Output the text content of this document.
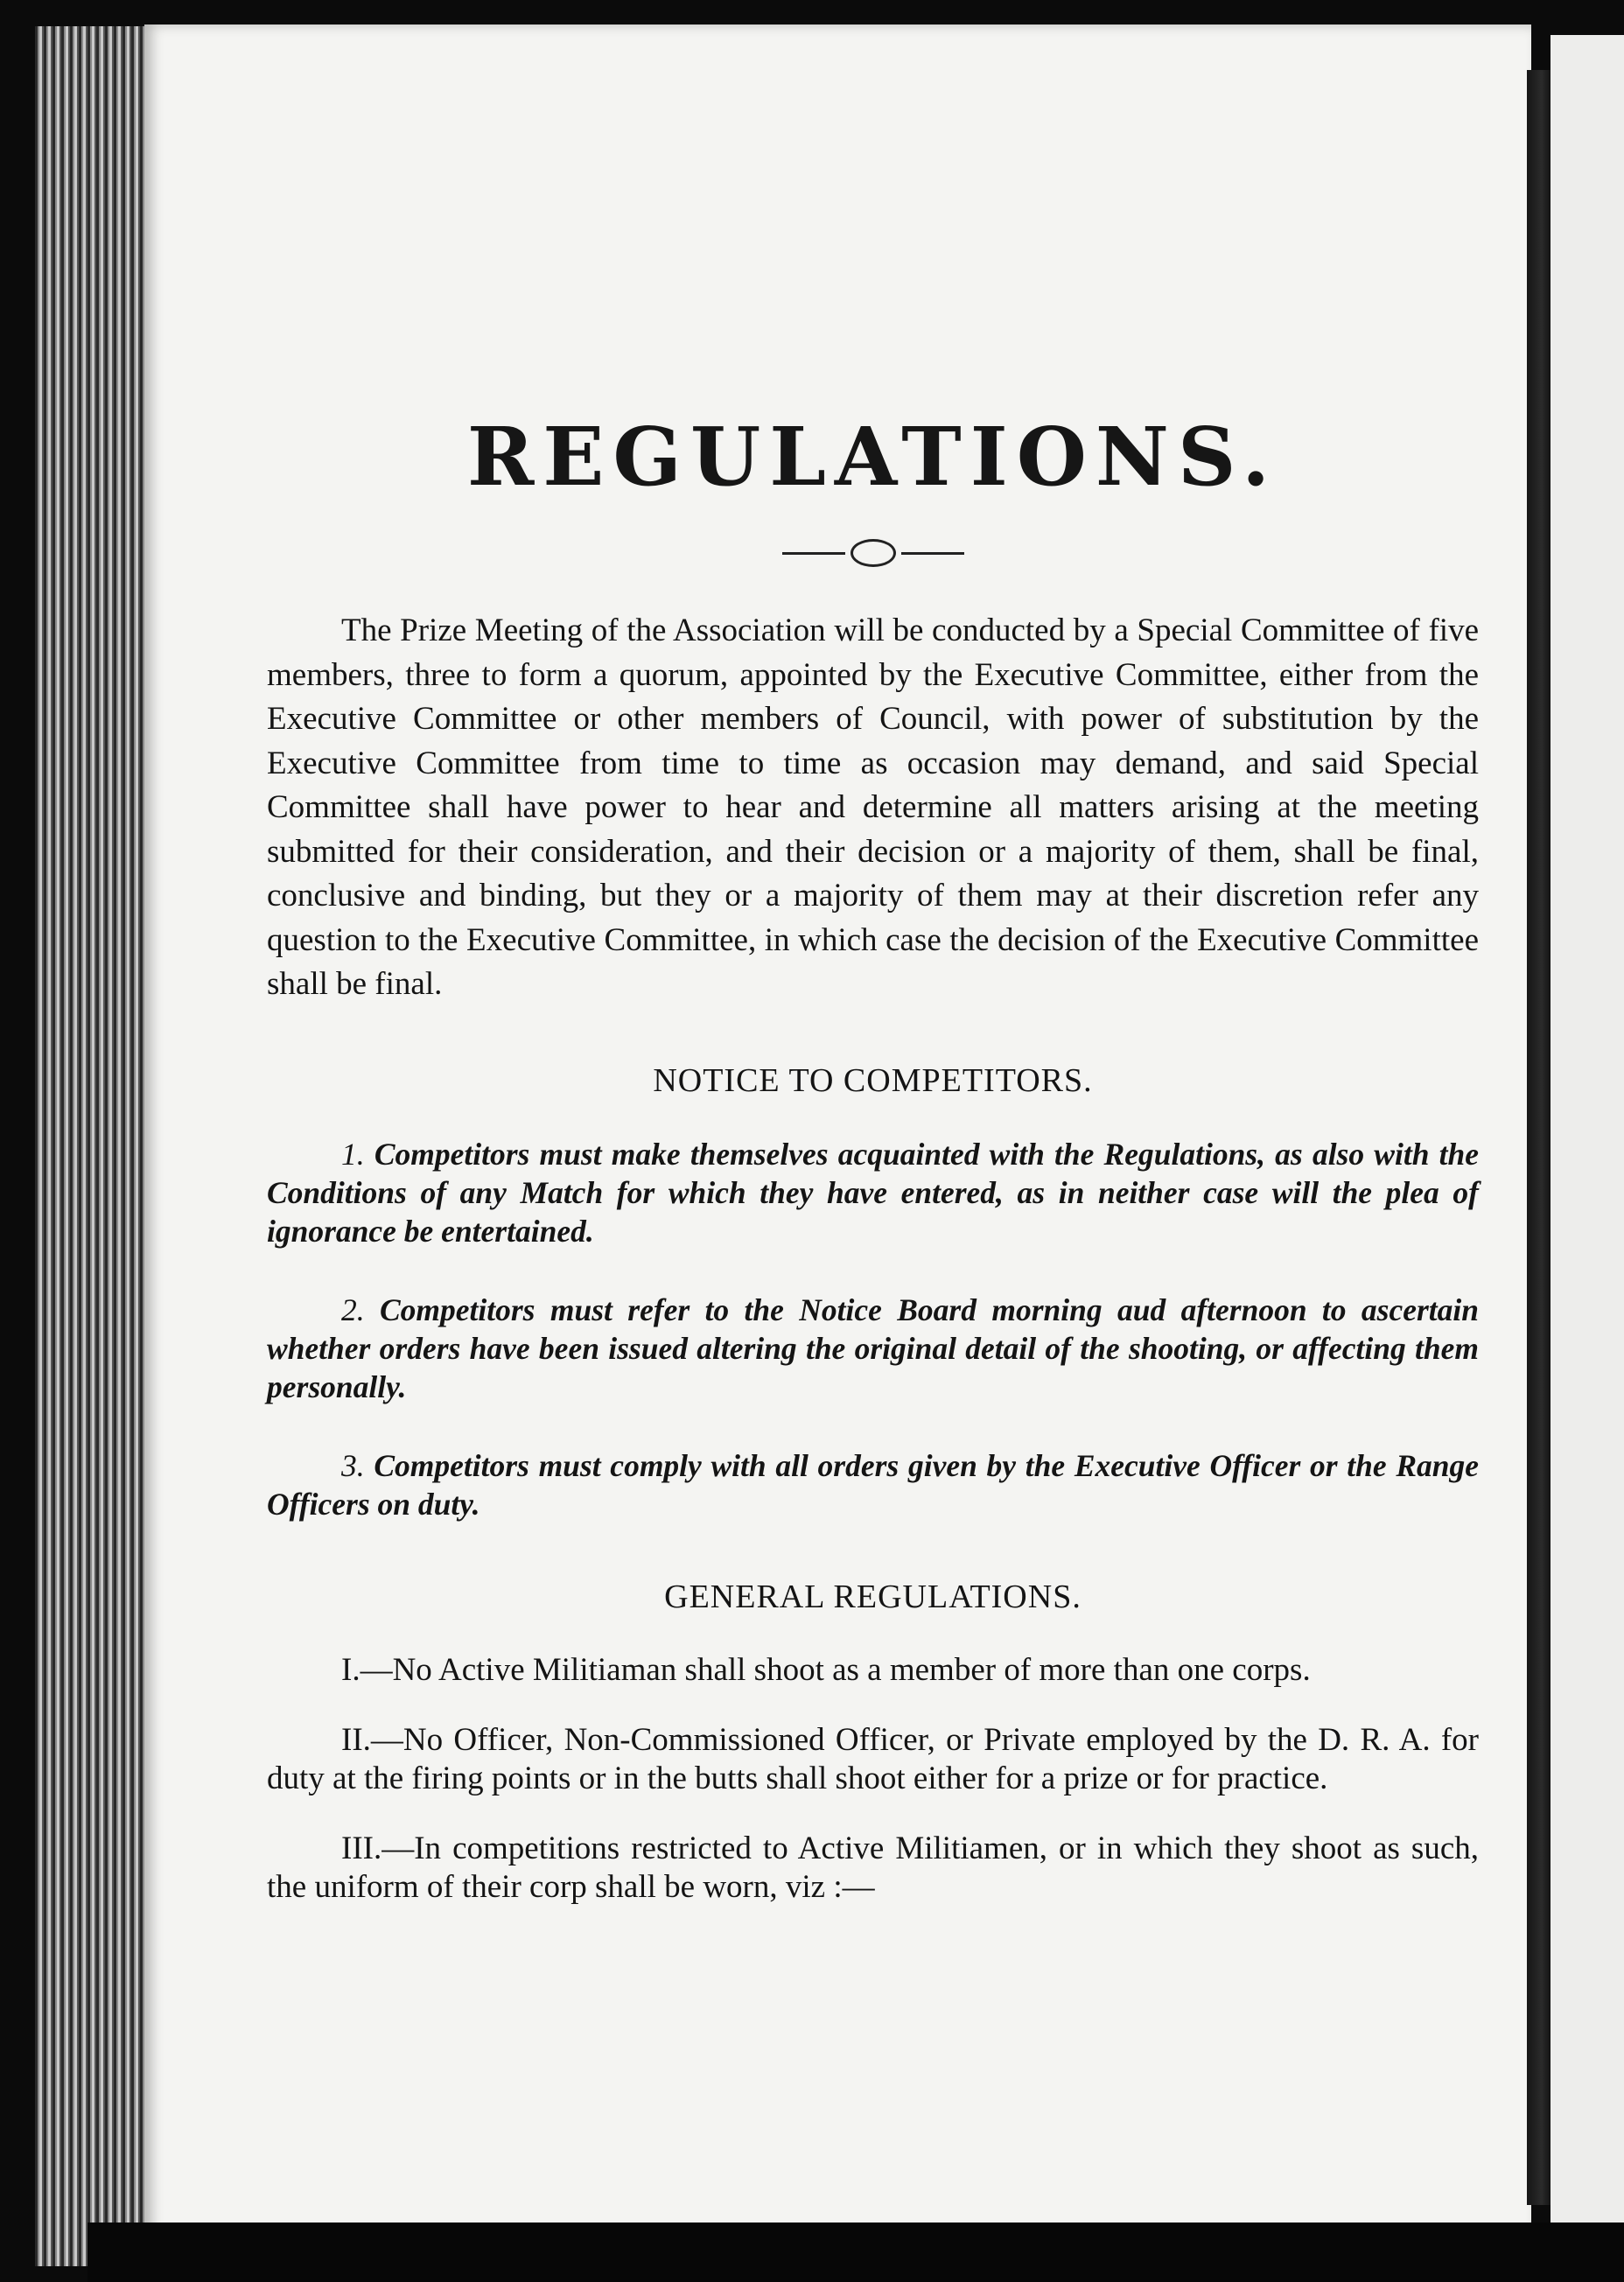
REGULATIONS.

The Prize Meeting of the Association will be conducted by a Special Committee of five members, three to form a quorum, appointed by the Executive Committee, either from the Executive Committee or other members of Council, with power of substitution by the Executive Committee from time to time as occasion may demand, and said Special Committee shall have power to hear and determine all matters arising at the meeting submitted for their consideration, and their decision or a majority of them, shall be final, conclusive and binding, but they or a majority of them may at their discretion refer any question to the Executive Committee, in which case the decision of the Executive Committee shall be final.

NOTICE TO COMPETITORS.

1. Competitors must make themselves acquainted with the Regulations, as also with the Conditions of any Match for which they have entered, as in neither case will the plea of ignorance be entertained.

2. Competitors must refer to the Notice Board morning aud afternoon to ascertain whether orders have been issued altering the original detail of the shooting, or affecting them personally.

3. Competitors must comply with all orders given by the Executive Officer or the Range Officers on duty.

GENERAL REGULATIONS.

I.—No Active Militiaman shall shoot as a member of more than one corps.

II.—No Officer, Non-Commissioned Officer, or Private employed by the D. R. A. for duty at the firing points or in the butts shall shoot either for a prize or for practice.

III.—In competitions restricted to Active Militiamen, or in which they shoot as such, the uniform of their corp shall be worn, viz :—
